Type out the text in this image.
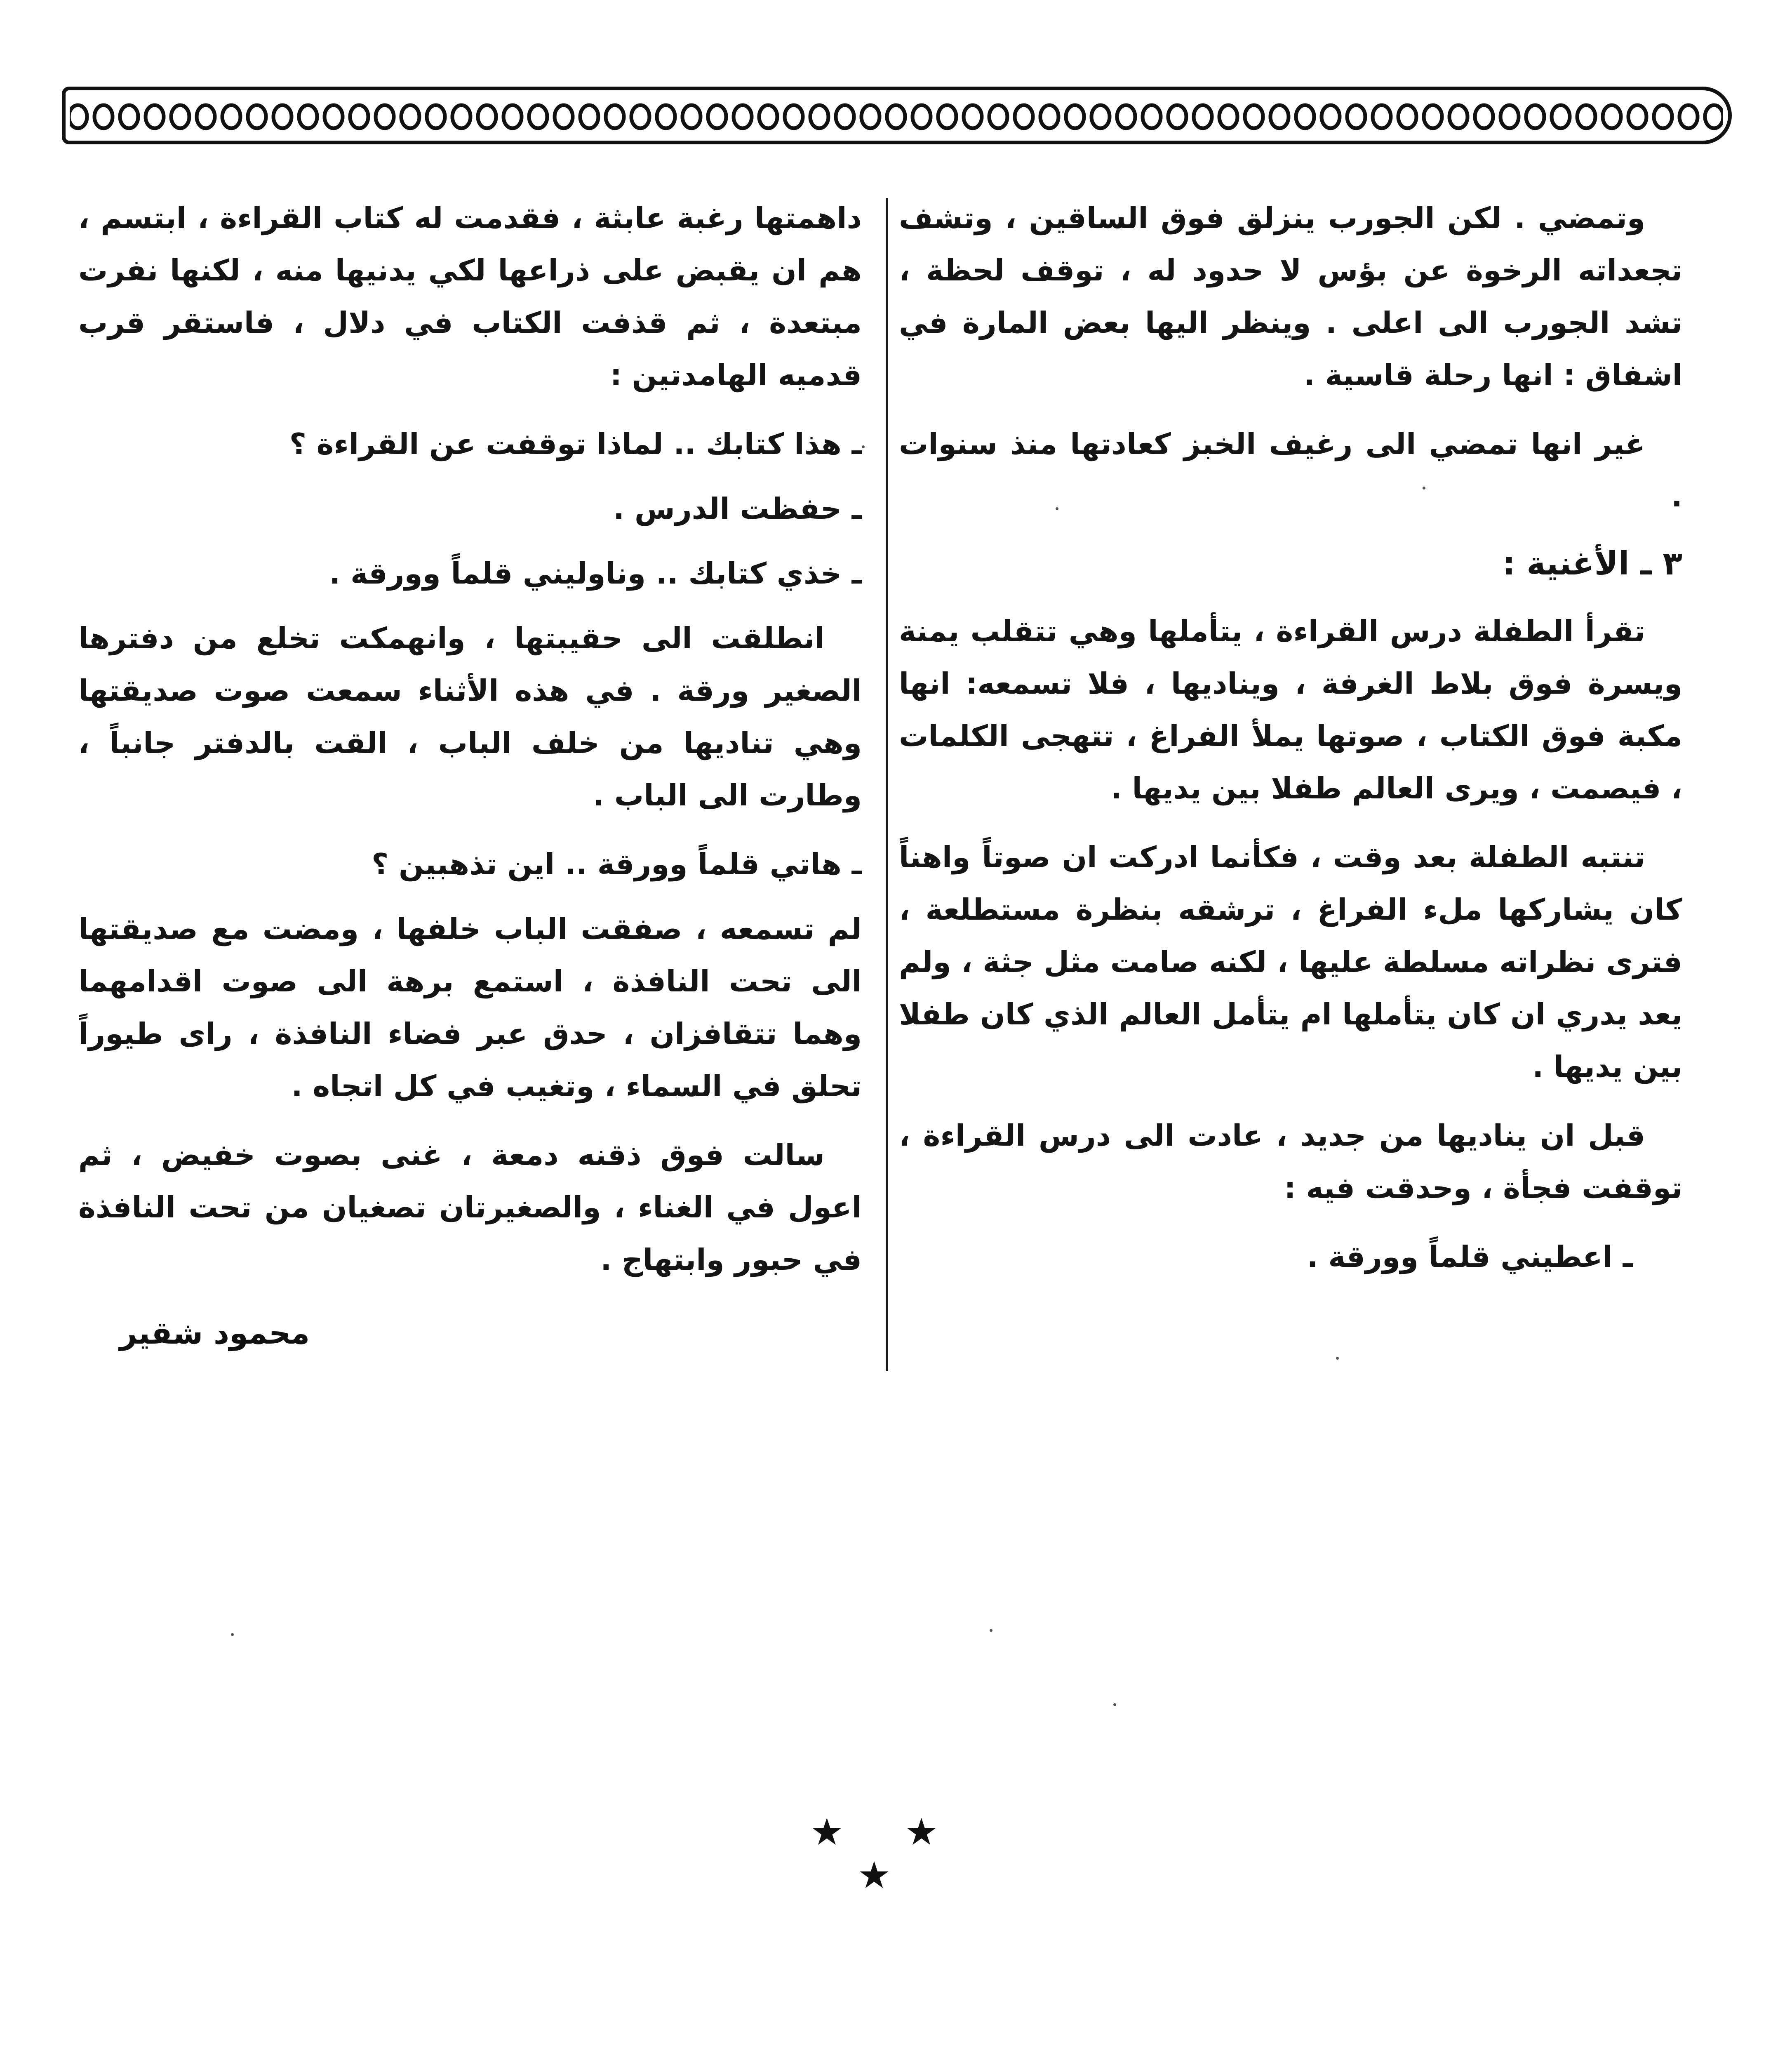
وتمضي . لكن الجورب ينزلق فوق الساقين ، وتشف تجعداته الرخوة عن بؤس لا حدود له ، توقف لحظة ، تشد الجورب الى اعلى . وينظر اليها بعض المارة في اشفاق : انها رحلة قاسية .

غير انها تمضي الى رغيف الخبز كعادتها منذ سنوات .

٣ ـ الأغنية :

تقرأ الطفلة درس القراءة ، يتأملها وهي تتقلب يمنة ويسرة فوق بلاط الغرفة ، ويناديها ، فلا تسمعه: انها مكبة فوق الكتاب ، صوتها يملأ الفراغ ، تتهجى الكلمات ، فيصمت ، ويرى العالم طفلا بين يديها .

تنتبه الطفلة بعد وقت ، فكأنما ادركت ان صوتاً واهناً كان يشاركها ملء الفراغ ، ترشقه بنظرة مستطلعة ، فترى نظراته مسلطة عليها ، لكنه صامت مثل جثة ، ولم يعد يدري ان كان يتأملها ام يتأمل العالم الذي كان طفلا بين يديها .

قبل ان يناديها من جديد ، عادت الى درس القراءة ، توقفت فجأة ، وحدقت فيه :

ـ اعطيني قلماً وورقة .

داهمتها رغبة عابثة ، فقدمت له كتاب القراءة ، ابتسم ، هم ان يقبض على ذراعها لكي يدنيها منه ، لكنها نفرت مبتعدة ، ثم قذفت الكتاب في دلال ، فاستقر قرب قدميه الهامدتين :

ـ هذا كتابك .. لماذا توقفت عن القراءة ؟

ـ حفظت الدرس .

ـ خذي كتابك .. وناوليني قلماً وورقة .

انطلقت الى حقيبتها ، وانهمكت تخلع من دفترها الصغير ورقة . في هذه الأثناء سمعت صوت صديقتها وهي تناديها من خلف الباب ، القت بالدفتر جانباً ، وطارت الى الباب .

ـ هاتي قلماً وورقة .. اين تذهبين ؟

لم تسمعه ، صفقت الباب خلفها ، ومضت مع صديقتها الى تحت النافذة ، استمع برهة الى صوت اقدامهما وهما تتقافزان ، حدق عبر فضاء النافذة ، راى طيوراً تحلق في السماء ، وتغيب في كل اتجاه .

سالت فوق ذقنه دمعة ، غنى بصوت خفيض ، ثم اعول في الغناء ، والصغيرتان تصغيان من تحت النافذة في حبور وابتهاج .

محمود شقير
★ ★ ★
